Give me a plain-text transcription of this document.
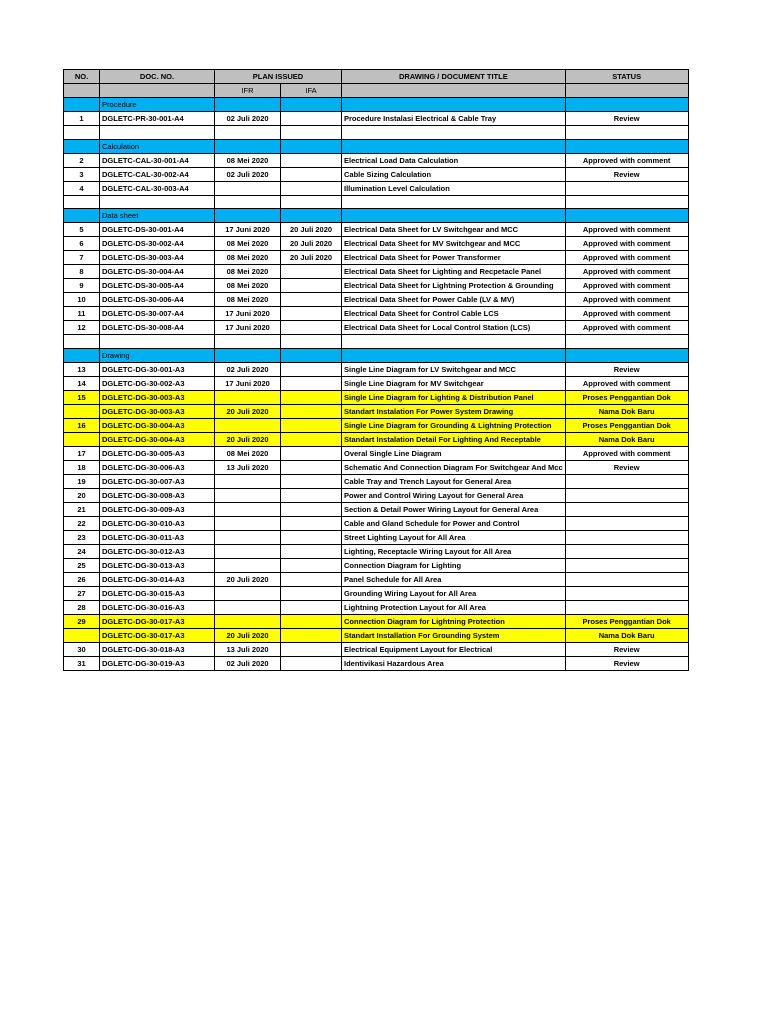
NO.	DOC. NO.	PLAN ISSUED		DRAWING / DOCUMENT TITLE	STATUS
		IFR	IFA		
	Procedure				
1	DGLETC-PR-30-001-A4	02 Juli 2020		Procedure Instalasi Electrical & Cable Tray	Review

	Calculation				
2	DGLETC-CAL-30-001-A4	08 Mei 2020		Electrical Load Data Calculation	Approved with comment
3	DGLETC-CAL-30-002-A4	02 Juli 2020		Cable Sizing Calculation	Review
4	DGLETC-CAL-30-003-A4			Illumination Level Calculation	

	Data sheet				
5	DGLETC-DS-30-001-A4	17 Juni 2020	20 Juli 2020	Electrical Data Sheet for LV Switchgear and MCC	Approved with comment
6	DGLETC-DS-30-002-A4	08 Mei 2020	20 Juli 2020	Electrical Data Sheet for MV Switchgear and MCC	Approved with comment
7	DGLETC-DS-30-003-A4	08 Mei 2020	20 Juli 2020	Electrical Data Sheet for Power Transformer	Approved with comment
8	DGLETC-DS-30-004-A4	08 Mei 2020		Electrical Data Sheet for Lighting and Recpetacle Panel	Approved with comment
9	DGLETC-DS-30-005-A4	08 Mei 2020		Electrical Data Sheet for Lightning Protection & Grounding	Approved with comment
10	DGLETC-DS-30-006-A4	08 Mei 2020		Electrical Data Sheet for Power Cable (LV & MV)	Approved with comment
11	DGLETC-DS-30-007-A4	17 Juni 2020		Electrical Data Sheet for Control Cable LCS	Approved with comment
12	DGLETC-DS-30-008-A4	17 Juni 2020		Electrical Data Sheet for Local Control Station (LCS)	Approved with comment

	Drawing				
13	DGLETC-DG-30-001-A3	02 Juli 2020		Single Line Diagram for LV Switchgear and MCC	Review
14	DGLETC-DG-30-002-A3	17 Juni 2020		Single Line Diagram for MV Switchgear	Approved with comment
15	DGLETC-DG-30-003-A3			Single Line Diagram for Lighting & Distribution Panel	Proses Penggantian Dok
	DGLETC-DG-30-003-A3	20 Juli 2020		Standart Instalation For Power System Drawing	Nama Dok Baru
16	DGLETC-DG-30-004-A3			Single Line Diagram for Grounding & Lightning Protection	Proses Penggantian Dok
	DGLETC-DG-30-004-A3	20 Juli 2020		Standart Instalation Detail For Lighting And Receptable	Nama Dok Baru
17	DGLETC-DG-30-005-A3	08 Mei 2020		Overal Single Line Diagram	Approved with comment
18	DGLETC-DG-30-006-A3	13 Juli 2020		Schematic And Connection Diagram For Switchgear And Mcc	Review
19	DGLETC-DG-30-007-A3			Cable Tray and Trench Layout for General Area	
20	DGLETC-DG-30-008-A3			Power and Control Wiring Layout for General Area	
21	DGLETC-DG-30-009-A3			Section & Detail Power Wiring Layout for General Area	
22	DGLETC-DG-30-010-A3			Cable and Gland Schedule for Power and Control	
23	DGLETC-DG-30-011-A3			Street Lighting Layout for All Area	
24	DGLETC-DG-30-012-A3			Lighting, Receptacle Wiring Layout for All Area	
25	DGLETC-DG-30-013-A3			Connection Diagram for Lighting	
26	DGLETC-DG-30-014-A3	20 Juli 2020		Panel Schedule for All Area	
27	DGLETC-DG-30-015-A3			Grounding Wiring Layout for All Area	
28	DGLETC-DG-30-016-A3			Lightning Protection Layout for All Area	
29	DGLETC-DG-30-017-A3			Connection Diagram for Lightning Protection	Proses Penggantian Dok
	DGLETC-DG-30-017-A3	20 Juli 2020		Standart Installation For Grounding System	Nama Dok Baru
30	DGLETC-DG-30-018-A3	13 Juli 2020		Electrical Equipment Layout for Electrical	Review
31	DGLETC-DG-30-019-A3	02 Juli 2020		Identivikasi Hazardous Area	Review
